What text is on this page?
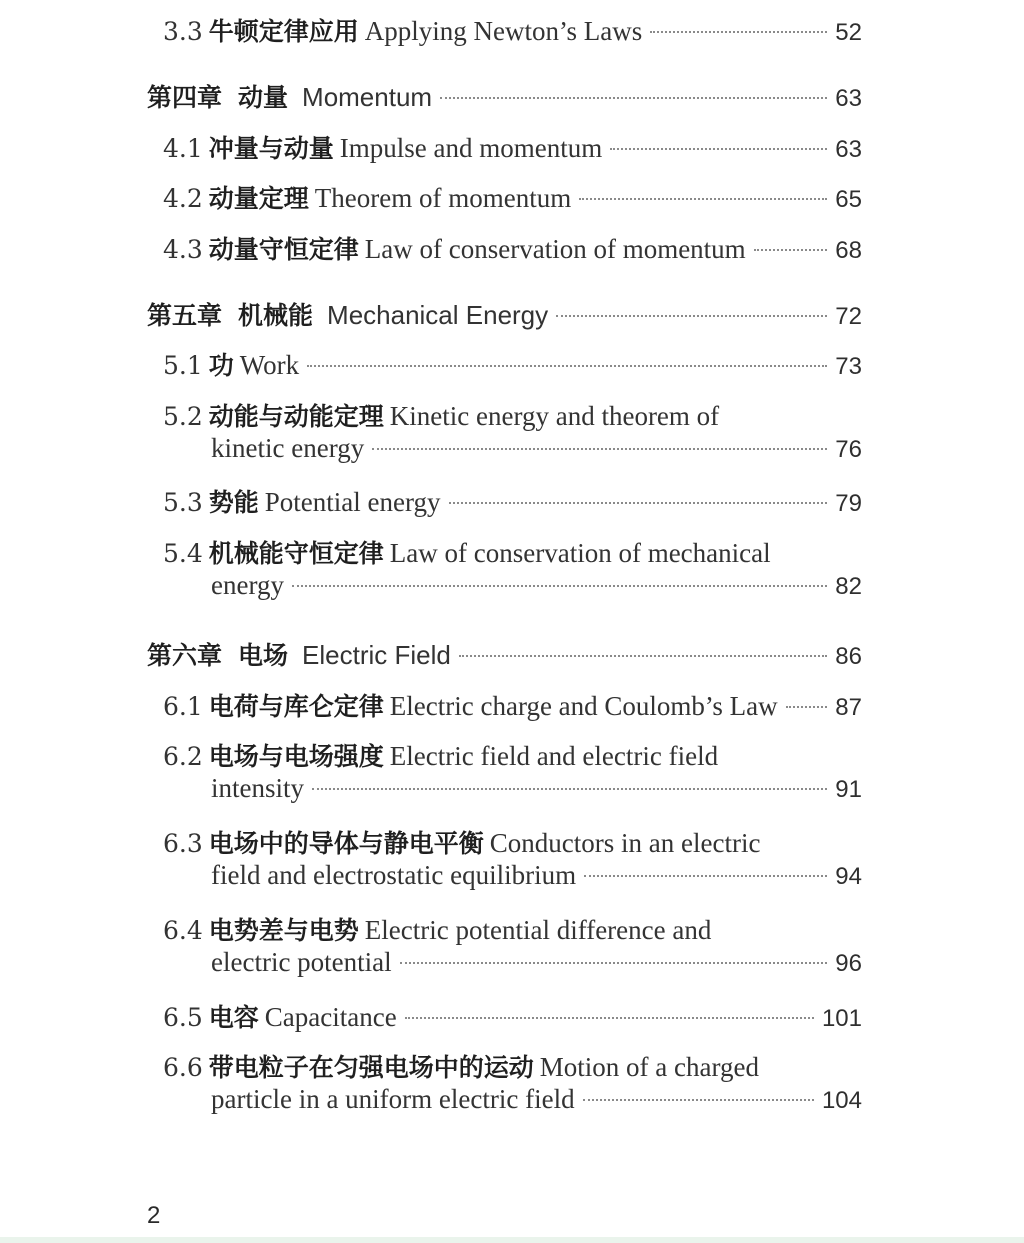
3.3 牛顿定律应用 Applying Newton’s Laws	52
第四章 动量 Momentum	63
4.1 冲量与动量 Impulse and momentum	63
4.2 动量定理 Theorem of momentum	65
4.3 动量守恒定律 Law of conservation of momentum	68
第五章 机械能 Mechanical Energy	72
5.1 功 Work	73
5.2 动能与动能定理 Kinetic energy and theorem of
kinetic energy	76
5.3 势能 Potential energy	79
5.4 机械能守恒定律 Law of conservation of mechanical
energy	82
第六章 电场 Electric Field	86
6.1 电荷与库仑定律 Electric charge and Coulomb’s Law 87
6.2 电场与电场强度 Electric field and electric field
intensity	91
6.3 电场中的导体与静电平衡 Conductors in an electric
field and electrostatic equilibrium	94
6.4 电势差与电势 Electric potential difference and
electric potential	96
6.5 电容 Capacitance	101
6.6 带电粒子在匀强电场中的运动 Motion of a charged
particle in a uniform electric field	104
2
